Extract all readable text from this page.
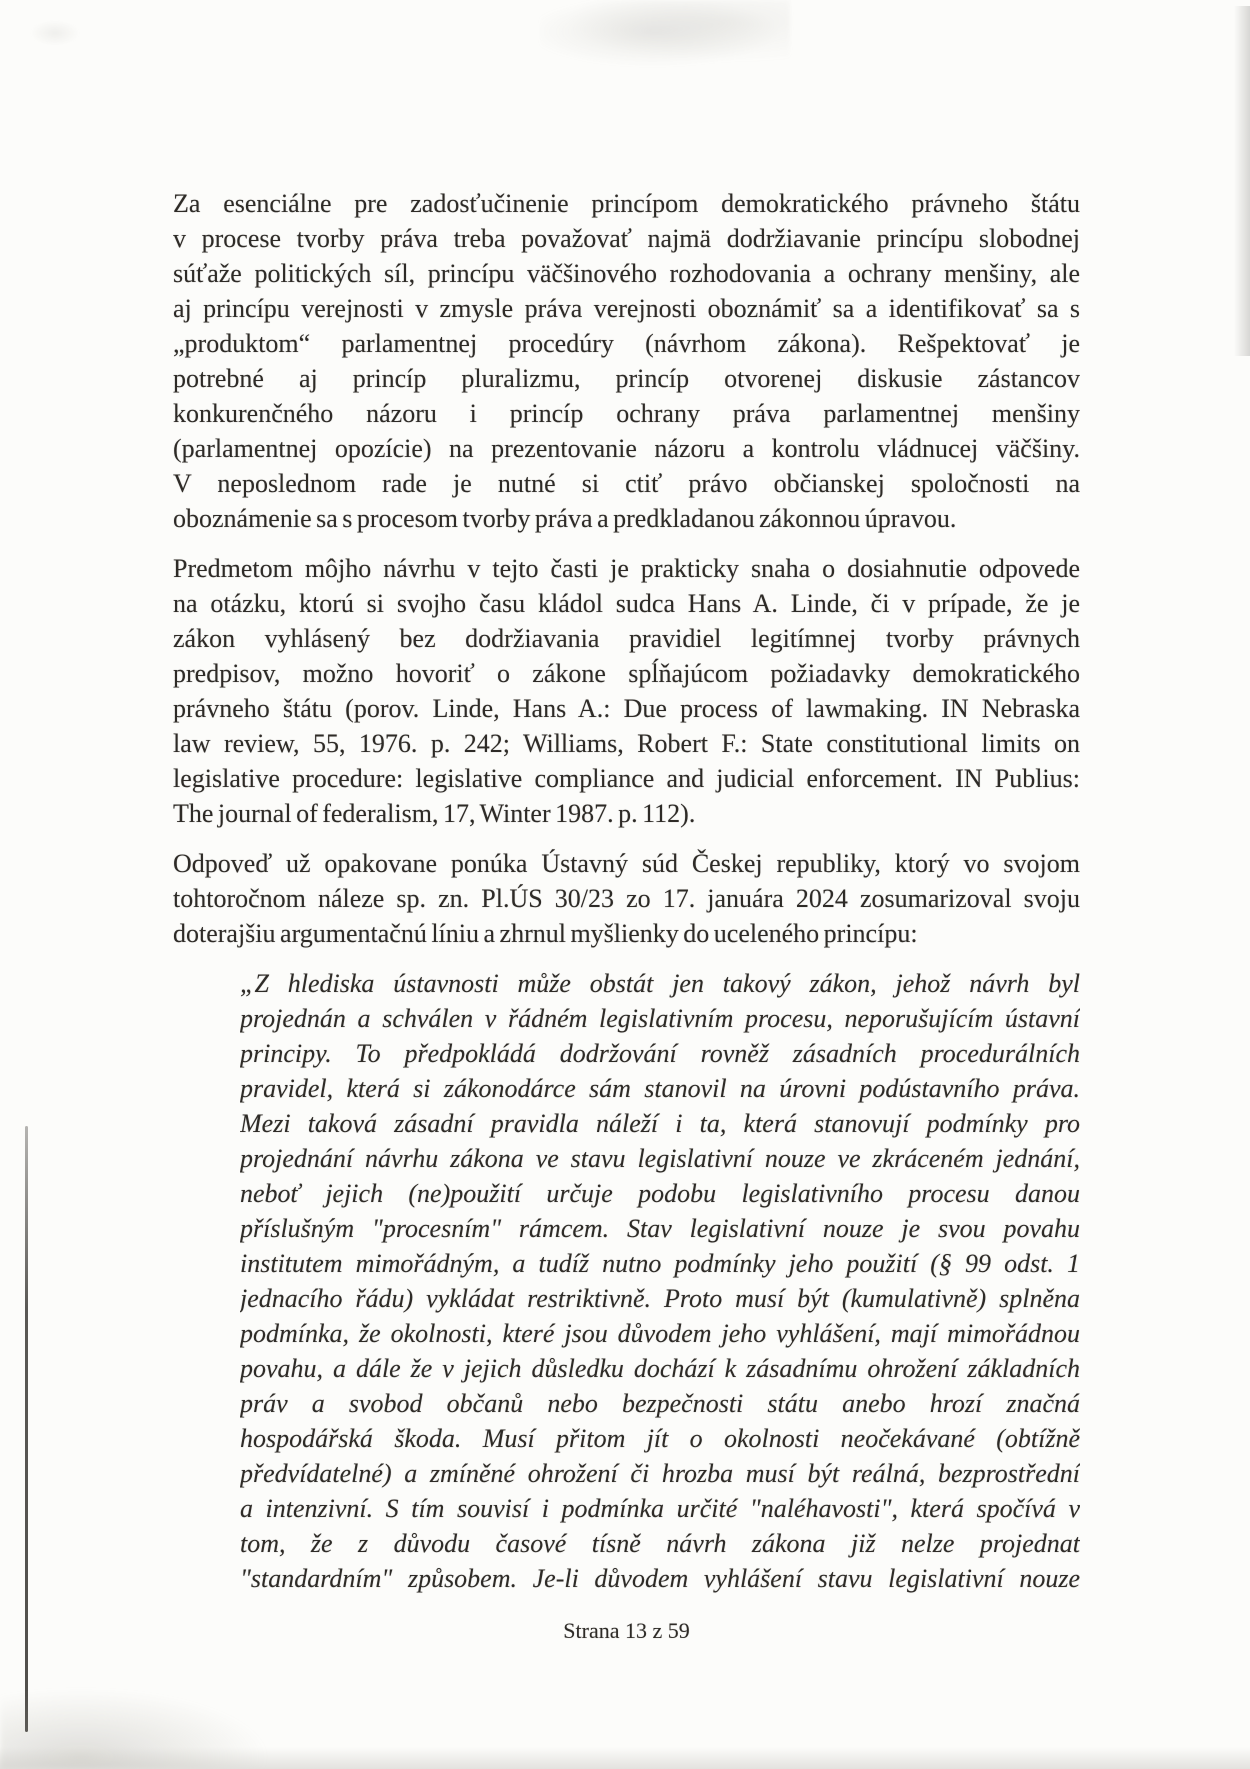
Za esenciálne pre zadosťučinenie princípom demokratického právneho štátu
v procese tvorby práva treba považovať najmä dodržiavanie princípu slobodnej
súťaže politických síl, princípu väčšinového rozhodovania a ochrany menšiny, ale
aj princípu verejnosti v zmysle práva verejnosti oboznámiť sa a identifikovať sa s
„produktom“ parlamentnej procedúry (návrhom zákona). Rešpektovať je
potrebné aj princíp pluralizmu, princíp otvorenej diskusie zástancov
konkurenčného názoru i princíp ochrany práva parlamentnej menšiny
(parlamentnej opozície) na prezentovanie názoru a kontrolu vládnucej väčšiny.
V neposlednom rade je nutné si ctiť právo občianskej spoločnosti na
oboznámenie sa s procesom tvorby práva a predkladanou zákonnou úpravou.
Predmetom môjho návrhu v tejto časti je prakticky snaha o dosiahnutie odpovede
na otázku, ktorú si svojho času kládol sudca Hans A. Linde, či v prípade, že je
zákon vyhlásený bez dodržiavania pravidiel legitímnej tvorby právnych
predpisov, možno hovoriť o zákone spĺňajúcom požiadavky demokratického
právneho štátu (porov. Linde, Hans A.: Due process of lawmaking. IN Nebraska
law review, 55, 1976. p. 242; Williams, Robert F.: State constitutional limits on
legislative procedure: legislative compliance and judicial enforcement. IN Publius:
The journal of federalism, 17, Winter 1987. p. 112).
Odpoveď už opakovane ponúka Ústavný súd Českej republiky, ktorý vo svojom
tohtoročnom náleze sp. zn. Pl.ÚS 30/23 zo 17. januára 2024 zosumarizoval svoju
doterajšiu argumentačnú líniu a zhrnul myšlienky do uceleného princípu:
„Z hlediska ústavnosti může obstát jen takový zákon, jehož návrh byl
projednán a schválen v řádném legislativním procesu, neporušujícím ústavní
principy. To předpokládá dodržování rovněž zásadních procedurálních
pravidel, která si zákonodárce sám stanovil na úrovni podústavního práva.
Mezi taková zásadní pravidla náleží i ta, která stanovují podmínky pro
projednání návrhu zákona ve stavu legislativní nouze ve zkráceném jednání,
neboť jejich (ne)použití určuje podobu legislativního procesu danou
příslušným "procesním" rámcem. Stav legislativní nouze je svou povahu
institutem mimořádným, a tudíž nutno podmínky jeho použití (§ 99 odst. 1
jednacího řádu) vykládat restriktivně. Proto musí být (kumulativně) splněna
podmínka, že okolnosti, které jsou důvodem jeho vyhlášení, mají mimořádnou
povahu, a dále že v jejich důsledku dochází k zásadnímu ohrožení základních
práv a svobod občanů nebo bezpečnosti státu anebo hrozí značná
hospodářská škoda. Musí přitom jít o okolnosti neočekávané (obtížně
předvídatelné) a zmíněné ohrožení či hrozba musí být reálná, bezprostřední
a intenzivní. S tím souvisí i podmínka určité "naléhavosti", která spočívá v
tom, že z důvodu časové tísně návrh zákona již nelze projednat
"standardním" způsobem. Je-li důvodem vyhlášení stavu legislativní nouze
Strana 13 z 59
